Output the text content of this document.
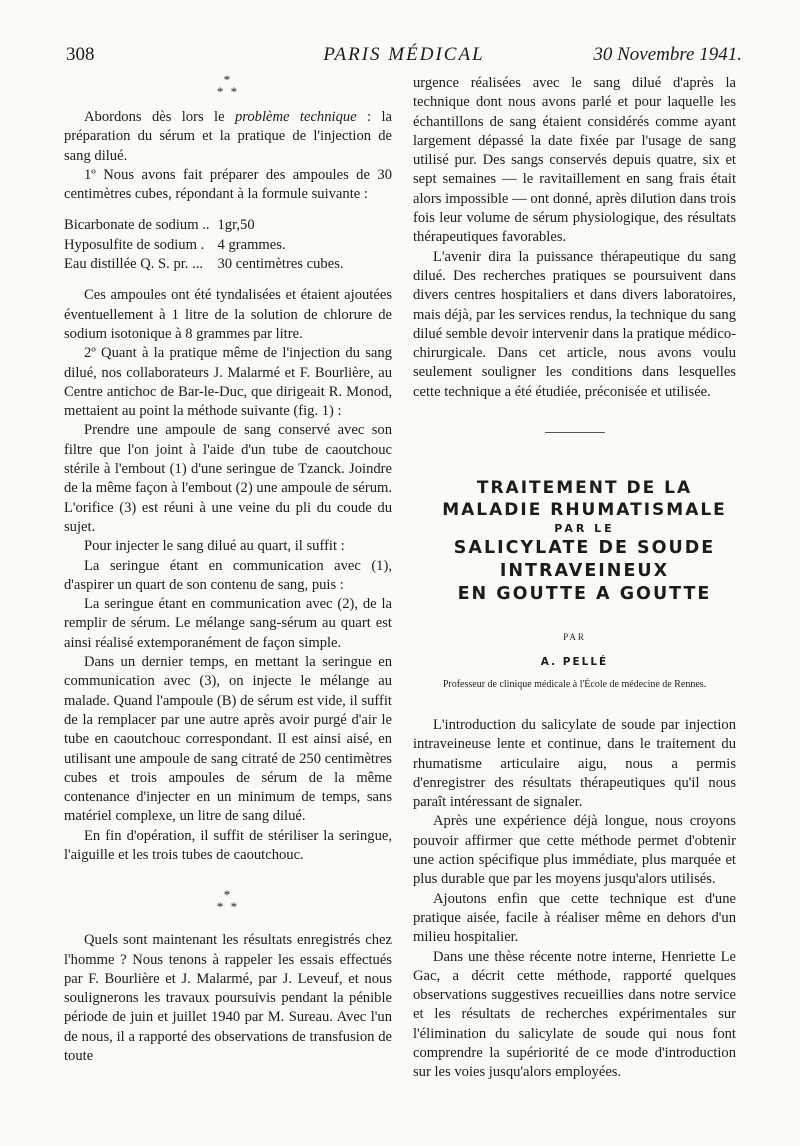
308	PARIS MÉDICAL	30 Novembre 1941.
*
* *

Abordons dès lors le problème technique : la préparation du sérum et la pratique de l'injection de sang dilué.

1º Nous avons fait préparer des ampoules de 30 centimètres cubes, répondant à la formule suivante :

Bicarbonate de sodium ..	1gr,50
Hyposulfite de sodium .	4 grammes.
Eau distillée Q. S. pr. ...	30 centimètres cubes.

Ces ampoules ont été tyndalisées et étaient ajoutées éventuellement à 1 litre de la solution de chlorure de sodium isotonique à 8 grammes par litre.

2º Quant à la pratique même de l'injection du sang dilué, nos collaborateurs J. Malarmé et F. Bourlière, au Centre antichoc de Bar-le-Duc, que dirigeait R. Monod, mettaient au point la méthode suivante (fig. 1) :

Prendre une ampoule de sang conservé avec son filtre que l'on joint à l'aide d'un tube de caoutchouc stérile à l'embout (1) d'une seringue de Tzanck. Joindre de la même façon à l'embout (2) une ampoule de sérum. L'orifice (3) est réuni à une veine du pli du coude du sujet.

Pour injecter le sang dilué au quart, il suffit :

La seringue étant en communication avec (1), d'aspirer un quart de son contenu de sang, puis :

La seringue étant en communication avec (2), de la remplir de sérum. Le mélange sang-sérum au quart est ainsi réalisé extemporanément de façon simple.

Dans un dernier temps, en mettant la seringue en communication avec (3), on injecte le mélange au malade. Quand l'ampoule (B) de sérum est vide, il suffit de la remplacer par une autre après avoir purgé d'air le tube en caoutchouc correspondant. Il est ainsi aisé, en utilisant une ampoule de sang citraté de 250 centimètres cubes et trois ampoules de sérum de la même contenance d'injecter en un minimum de temps, sans matériel complexe, un litre de sang dilué.

En fin d'opération, il suffit de stériliser la seringue, l'aiguille et les trois tubes de caoutchouc.

*
* *

Quels sont maintenant les résultats enregistrés chez l'homme ? Nous tenons à rappeler les essais effectués par F. Bourlière et J. Malarmé, par J. Leveuf, et nous soulignerons les travaux poursuivis pendant la pénible période de juin et juillet 1940 par M. Sureau. Avec l'un de nous, il a rapporté des observations de transfusion de toute

urgence réalisées avec le sang dilué d'après la technique dont nous avons parlé et pour laquelle les échantillons de sang étaient considérés comme ayant largement dépassé la date fixée par l'usage de sang utilisé pur. Des sangs conservés depuis quatre, six et sept semaines — le ravitaillement en sang frais était alors impossible — ont donné, après dilution dans trois fois leur volume de sérum physiologique, des résultats thérapeutiques favorables.

L'avenir dira la puissance thérapeutique du sang dilué. Des recherches pratiques se poursuivent dans divers centres hospitaliers et dans divers laboratoires, mais déjà, par les services rendus, la technique du sang dilué semble devoir intervenir dans la pratique médico-chirurgicale. Dans cet article, nous avons voulu seulement souligner les conditions dans lesquelles cette technique a été étudiée, préconisée et utilisée.

TRAITEMENT DE LA

MALADIE RHUMATISMALE

PAR LE

SALICYLATE DE SOUDE

INTRAVEINEUX

EN GOUTTE A GOUTTE

PAR
A. PELLÉ
Professeur de clinique médicale à l'École de médecine de Rennes.

L'introduction du salicylate de soude par injection intraveineuse lente et continue, dans le traitement du rhumatisme articulaire aigu, nous a permis d'enregistrer des résultats thérapeutiques qu'il nous paraît intéressant de signaler.

Après une expérience déjà longue, nous croyons pouvoir affirmer que cette méthode permet d'obtenir une action spécifique plus immédiate, plus marquée et plus durable que par les moyens jusqu'alors utilisés.

Ajoutons enfin que cette technique est d'une pratique aisée, facile à réaliser même en dehors d'un milieu hospitalier.

Dans une thèse récente notre interne, Henriette Le Gac, a décrit cette méthode, rapporté quelques observations suggestives recueillies dans notre service et les résultats de recherches expérimentales sur l'élimination du salicylate de soude qui nous font comprendre la supériorité de ce mode d'introduction sur les voies jusqu'alors employées.
